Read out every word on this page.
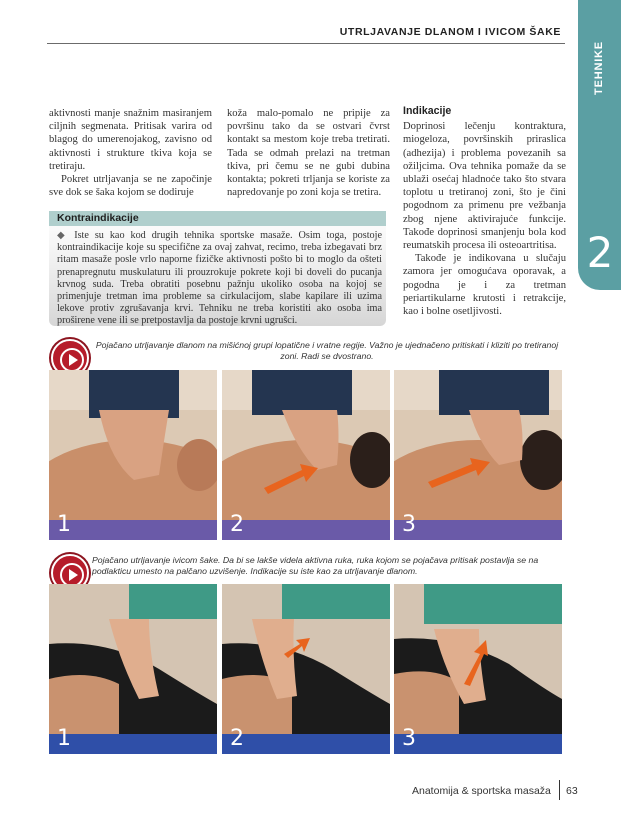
UTRLJAVANJE DLANOM I IVICOM ŠAKE
TEHNIKE
2

aktivnosti manje snažnim masiranjem ciljnih segmenata. Pritisak varira od blagog do umerenojakog, zavisno od aktivnosti i strukture tkiva koja se tretiraju.

Pokret utrljavanja se ne započinje sve dok se šaka kojom se dodiruje

koža malo-pomalo ne pripije za površinu tako da se ostvari čvrst kontakt sa mestom koje treba tretirati. Tada se odmah prelazi na tretman tkiva, pri čemu se ne gubi dubina kontakta; pokreti trljanja se koriste za napredovanje po zoni koja se tretira.

Indikacije

Doprinosi lečenju kontraktura, miogeloza, površinskih priraslica (adhezija) i problema povezanih sa ožiljcima. Ova tehnika pomaže da se ublaži osećaj hladnoće tako što stvara toplotu u tretiranoj zoni, što je čini pogodnom za primenu pre vežbanja zbog njene aktivirajuće funkcije. Takođe doprinosi smanjenju bola kod reumatskih procesa ili osteoartritisa.

Takođe je indikovana u slučaju zamora jer omogućava oporavak, a pogodna je i za tretman periartikularne krutosti i retrakcije, kao i bolne osetljivosti.

Kontraindikacije
◆ Iste su kao kod drugih tehnika sportske masaže. Osim toga, postoje kontraindikacije koje su specifične za ovaj zahvat, recimo, treba izbegavati brz ritam masaže posle vrlo naporne fizičke aktivnosti pošto bi to moglo da ošteti prenapregnutu muskulaturu ili prouzrokuje pokrete koji bi doveli do pucanja krvnog suda. Treba obratiti posebnu pažnju ukoliko osoba na kojoj se primenjuje tretman ima probleme sa cirkulacijom, slabe kapilare ili uzima lekove protiv zgrušavanja krvi. Tehniku ne treba koristiti ako osoba ima proširene vene ili se pretpostavlja da postoje krvni ugrušci.
Pojačano utrljavanje dlanom na mišićnoj grupi lopatične i vratne regije. Važno je ujednačeno pritiskati i kliziti po tretiranoj zoni. Radi se dvostrano.
1	2	3
Pojačano utrljavanje ivicom šake. Da bi se lakše videla aktivna ruka, ruka kojom se pojačava pritisak postavlja se na podlakticu umesto na palčano uzvišenje. Indikacije su iste kao za utrljavanje dlanom.
1	2	3
Anatomija & sportska masaža 63
